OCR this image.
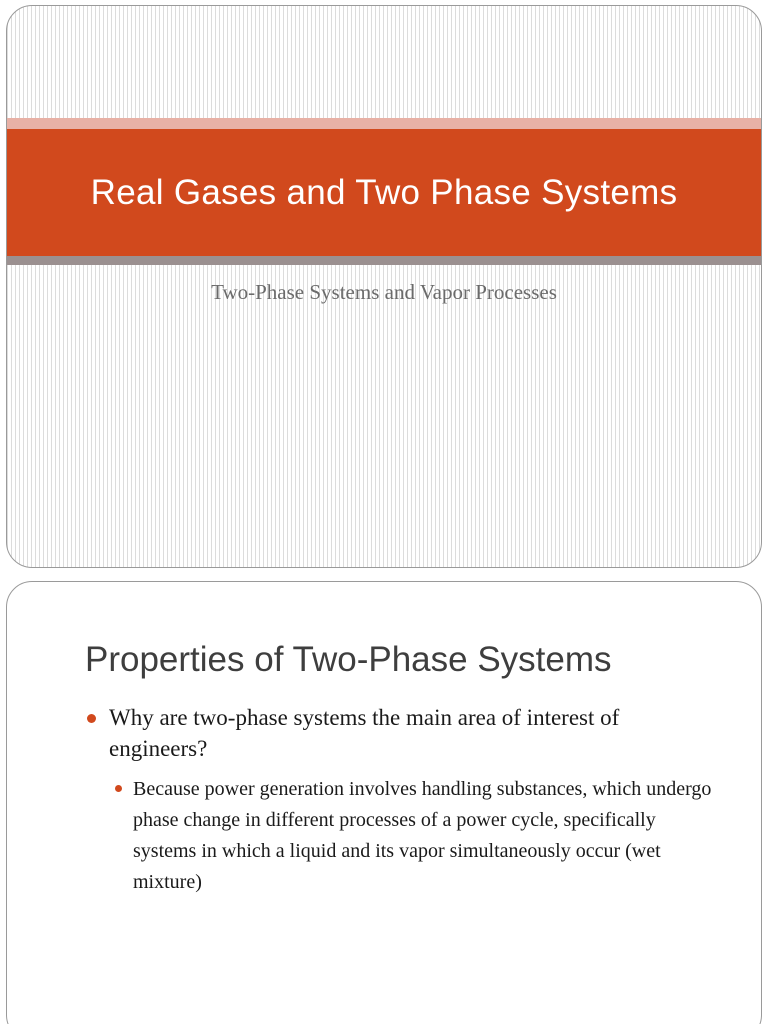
Real Gases and Two Phase Systems

Two-Phase Systems and Vapor Processes

Properties of Two-Phase Systems

Why are two-phase systems the main area of interest of engineers?

Because power generation involves handling substances, which undergo phase change in different processes of a power cycle, specifically systems in which a liquid and its vapor simultaneously occur (wet mixture)
